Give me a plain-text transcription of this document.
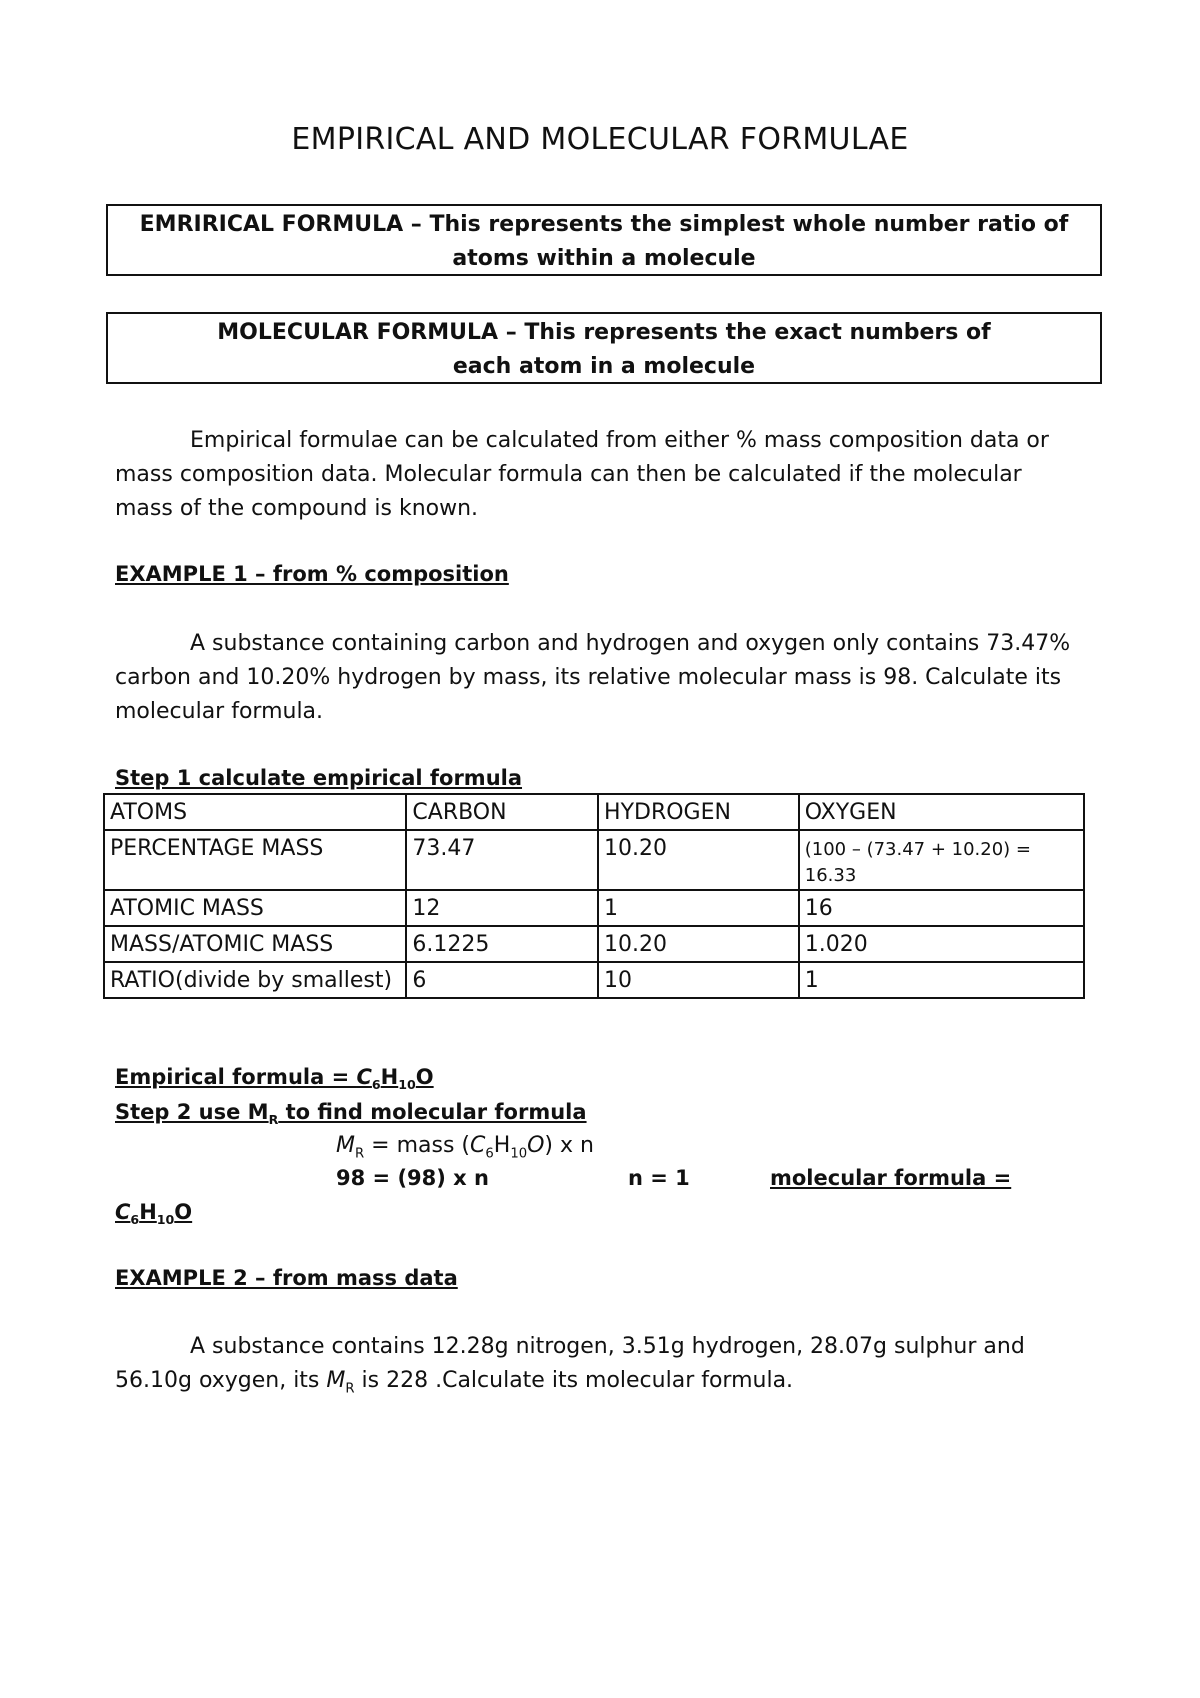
EMPIRICAL AND MOLECULAR FORMULAE
EMRIRICAL FORMULA – This represents the simplest whole number ratio of
atoms within a molecule
MOLECULAR FORMULA – This represents the exact numbers of
each atom in a molecule
Empirical formulae can be calculated from either % mass composition data or
mass composition data. Molecular formula can then be calculated if the molecular
mass of the compound is known.
EXAMPLE 1 – from % composition
A substance containing carbon and hydrogen and oxygen only contains 73.47%
carbon and 10.20% hydrogen by mass, its relative molecular mass is 98. Calculate its
molecular formula.
Step 1 calculate empirical formula
ATOMS	CARBON	HYDROGEN	OXYGEN
PERCENTAGE MASS	73.47	10.20	(100 – (73.47 + 10.20) = 16.33
ATOMIC MASS	12	1	16
MASS/ATOMIC MASS	6.1225	10.20	1.020
RATIO(divide by smallest)	6	10	1
Empirical formula = $C_6H_{10}O$
Step 2 use $M_R$ to find molecular formula
$M_R$ = mass $(C_6H_{10}O)$ x n
98 = (98) x n	n = 1	molecular formula =
$C_6H_{10}O$
EXAMPLE 2 – from mass data
A substance contains 12.28g nitrogen, 3.51g hydrogen, 28.07g sulphur and
56.10g oxygen, its $M_R$ is 228 .Calculate its molecular formula.
